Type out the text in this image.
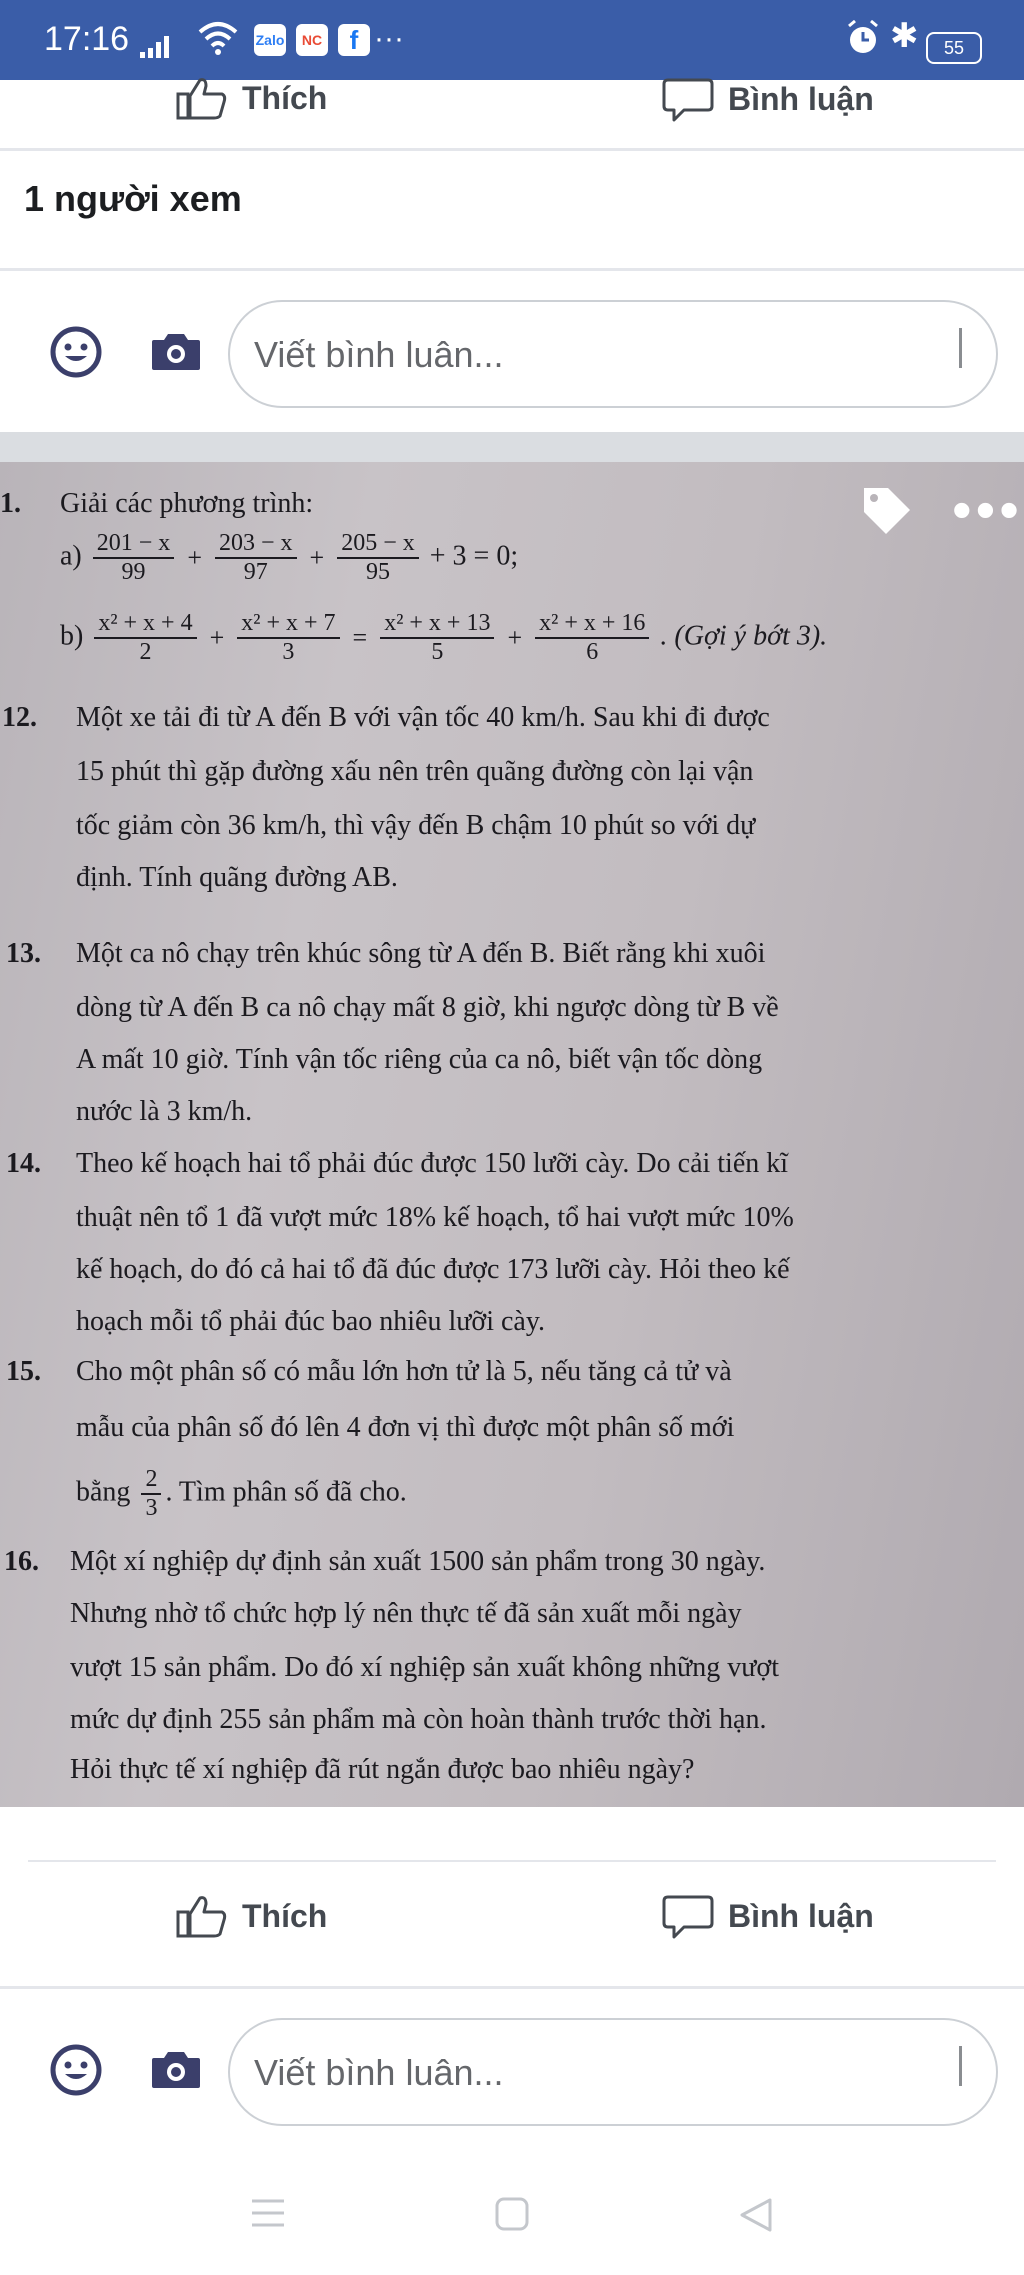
17:16	Zalo	NC	f ···	✱	55
Thích	Bình luận
1 người xem
Viết bình luân...
•••
1. Giải các phương trình:
$a) \frac{201 - x}{99} + \frac{203 - x}{97} + \frac{205 - x}{95} + 3 = 0$;
$b) \frac{\text{x² + x + 4}}{2} + \frac{\text{x² + x + 7}}{3} = \frac{\text{x² + x + 13}}{5} + \frac{\text{x² + x + 16}}{6}$ . (Gợi ý bớt 3).
12. Một xe tải đi từ A đến B với vận tốc 40 km/h. Sau khi đi được
15 phút thì gặp đường xấu nên trên quãng đường còn lại vận
tốc giảm còn 36 km/h, thì vậy đến B chậm 10 phút so với dự
định. Tính quãng đường AB.
13. Một ca nô chạy trên khúc sông từ A đến B. Biết rằng khi xuôi
dòng từ A đến B ca nô chạy mất 8 giờ, khi ngược dòng từ B về
A mất 10 giờ. Tính vận tốc riêng của ca nô, biết vận tốc dòng
nước là 3 km/h.
14. Theo kế hoạch hai tổ phải đúc được 150 lưỡi cày. Do cải tiến kĩ
thuật nên tổ 1 đã vượt mức 18% kế hoạch, tổ hai vượt mức 10%
kế hoạch, do đó cả hai tổ đã đúc được 173 lưỡi cày. Hỏi theo kế
hoạch mỗi tổ phải đúc bao nhiêu lưỡi cày.
15. Cho một phân số có mẫu lớn hơn tử là 5, nếu tăng cả tử và
mẫu của phân số đó lên 4 đơn vị thì được một phân số mới
bằng $\frac{2}{3}$ . Tìm phân số đã cho.
16. Một xí nghiệp dự định sản xuất 1500 sản phẩm trong 30 ngày.
Nhưng nhờ tổ chức hợp lý nên thực tế đã sản xuất mỗi ngày
vượt 15 sản phẩm. Do đó xí nghiệp sản xuất không những vượt
mức dự định 255 sản phẩm mà còn hoàn thành trước thời hạn.
Hỏi thực tế xí nghiệp đã rút ngắn được bao nhiêu ngày?
Thích	Bình luận
Viết bình luân...
